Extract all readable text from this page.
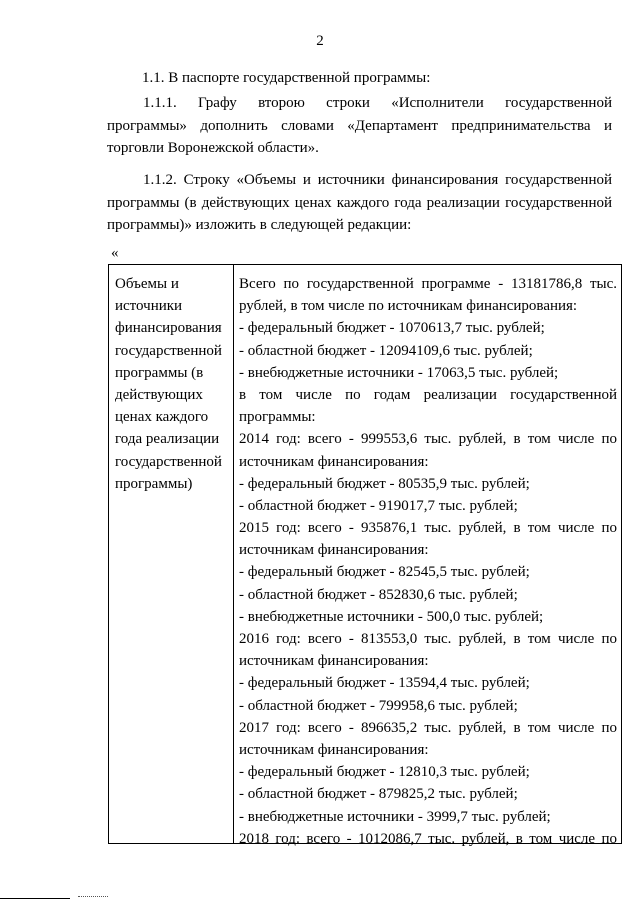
2
1.1. В паспорте государственной программы:
1.1.1. Графу второю строки «Исполнители государственной
программы» дополнить словами «Департамент предпринимательства и
торговли Воронежской области».
1.1.2. Строку «Объемы и источники финансирования государственной
программы (в действующих ценах каждого года реализации государственной
программы)» изложить в следующей редакции:
«
Объемы и
источники
финансирования
государственной
программы (в
действующих
ценах каждого
года реализации
государственной
программы)
Всего по государственной программе - 13181786,8 тыс.
рублей, в том числе по источникам финансирования:
- федеральный бюджет - 1070613,7 тыс. рублей;
- областной бюджет - 12094109,6 тыс. рублей;
- внебюджетные источники - 17063,5 тыс. рублей;
в том числе по годам реализации государственной
программы:
2014 год: всего - 999553,6 тыс. рублей, в том числе по
источникам финансирования:
- федеральный бюджет - 80535,9 тыс. рублей;
- областной бюджет - 919017,7 тыс. рублей;
2015 год: всего - 935876,1 тыс. рублей, в том числе по
источникам финансирования:
- федеральный бюджет - 82545,5 тыс. рублей;
- областной бюджет - 852830,6 тыс. рублей;
- внебюджетные источники - 500,0 тыс. рублей;
2016 год: всего - 813553,0 тыс. рублей, в том числе по
источникам финансирования:
- федеральный бюджет - 13594,4 тыс. рублей;
- областной бюджет - 799958,6 тыс. рублей;
2017 год: всего - 896635,2 тыс. рублей, в том числе по
источникам финансирования:
- федеральный бюджет - 12810,3 тыс. рублей;
- областной бюджет - 879825,2 тыс. рублей;
- внебюджетные источники - 3999,7 тыс. рублей;
2018 год: всего - 1012086,7 тыс. рублей, в том числе по
